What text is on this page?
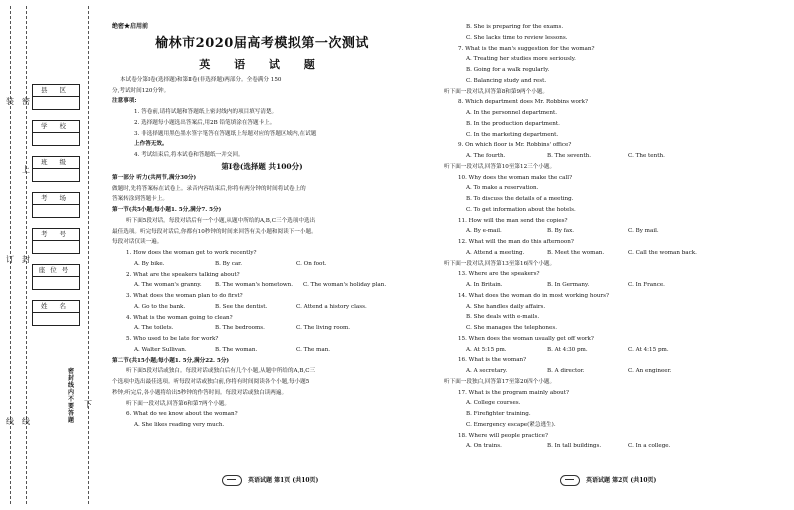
装
订
线
密
封
线
上
下
县 区
学 校
班 级
考 场
考 号
座位号
姓 名
密封线内不要答题
绝密★启用前
榆林市2020届高考模拟第一次测试
英 语 试 题
本试卷分第Ⅰ卷(选择题)和第Ⅱ卷(非选择题)两部分。全卷满分 150
分,考试时间120分钟。
注意事项:
1. 答卷前,请将试题和答题纸上密封线内的项目填写清楚。
2. 选择题每小题选出答案后,用2B 铅笔填涂在答题卡上。
3. 非选择题用黑色墨水签字笔答在答题纸上每题对应的答题区域内,在试题
上作答无效。
4. 考试结束后,将本试卷和答题纸一并交回。
第Ⅰ卷(选择题 共100分)
第一部分 听力(共两节,满分30分)
做题时,先将答案标在试卷上。录音内容结束后,你将有两分钟的时间将试卷上的
答案转涂到答题卡上。
第一节(共5小题;每小题1. 5分,满分7. 5分)
听下面5段对话。每段对话后有一个小题,从题中所给的A,B,C三个选项中选出
最佳选项。听完每段对话后,你都有10秒钟的时间来回答有关小题和阅读下一小题。
每段对话仅读一遍。
1. How does the woman get to work recently?
A. By bike.	B. By car.	C. On foot.
2. What are the speakers talking about?
A. The woman's granny. B. The woman's hometown. C. The woman's holiday plan.
3. What does the woman plan to do first?
A. Go to the bank.	B. See the dentist.	C. Attend a history class.
4. What is the woman going to clean?
A. The toilets.	B. The bedrooms.	C. The living room.
5. Who used to be late for work?
A. Walter Sullivan.	B. The woman.	C. The man.
第二节(共15小题;每小题1. 5分,满分22. 5分)
听下面5段对话或独白。每段对话或独白后有几个小题,从题中所给的A,B,C三
个选项中选出最佳选项。听每段对话或独白前,你将有时间阅读各个小题,每小题5
秒钟;听完后,各小题将给出5秒钟的作答时间。每段对话或独白读两遍。
听下面一段对话,回答第6和第7两个小题。
6. What do we know about the woman?
A. She likes reading very much.
B. She is preparing for the exams.
C. She lacks time to review lessons.
7. What is the man's suggestion for the woman?
A. Treating her studies more seriously.
B. Going for a walk regularly.
C. Balancing study and rest.
听下面一段对话,回答第8和第9两个小题。
8. Which department does Mr. Robbins work?
A. In the personnel department.
B. In the production department.
C. In the marketing department.
9. On which floor is Mr. Robbins' office?
A. The fourth.	B. The seventh.	C. The tenth.
听下面一段对话,回答第10至第12三个小题。
10. Why does the woman make the call?
A. To make a reservation.
B. To discuss the details of a meeting.
C. To get information about the hotels.
11. How will the man send the copies?
A. By e-mail.	B. By fax.	C. By mail.
12. What will the man do this afternoon?
A. Attend a meeting.	B. Meet the woman.	C. Call the woman back.
听下面一段对话,回答第13至第16四个小题。
13. Where are the speakers?
A. In Britain.	B. In Germany.	C. In France.
14. What does the woman do in most working hours?
A. She handles daily affairs.
B. She deals with e-mails.
C. She manages the telephones.
15. When does the woman usually get off work?
A. At 5:15 pm.	B. At 4:30 pm.	C. At 4:15 pm.
16. What is the woman?
A. A secretary.	B. A director.	C. An engineer.
听下面一段独白,回答第17至第20四个小题。
17. What is the program mainly about?
A. College courses.
B. Firefighter training.
C. Emergency escape(紧急逃生).
18. Where will people practice?
A. On trains.	B. In tall buildings.	C. In a college.
英语试题 第1页 (共10页)	英语试题 第2页 (共10页)
